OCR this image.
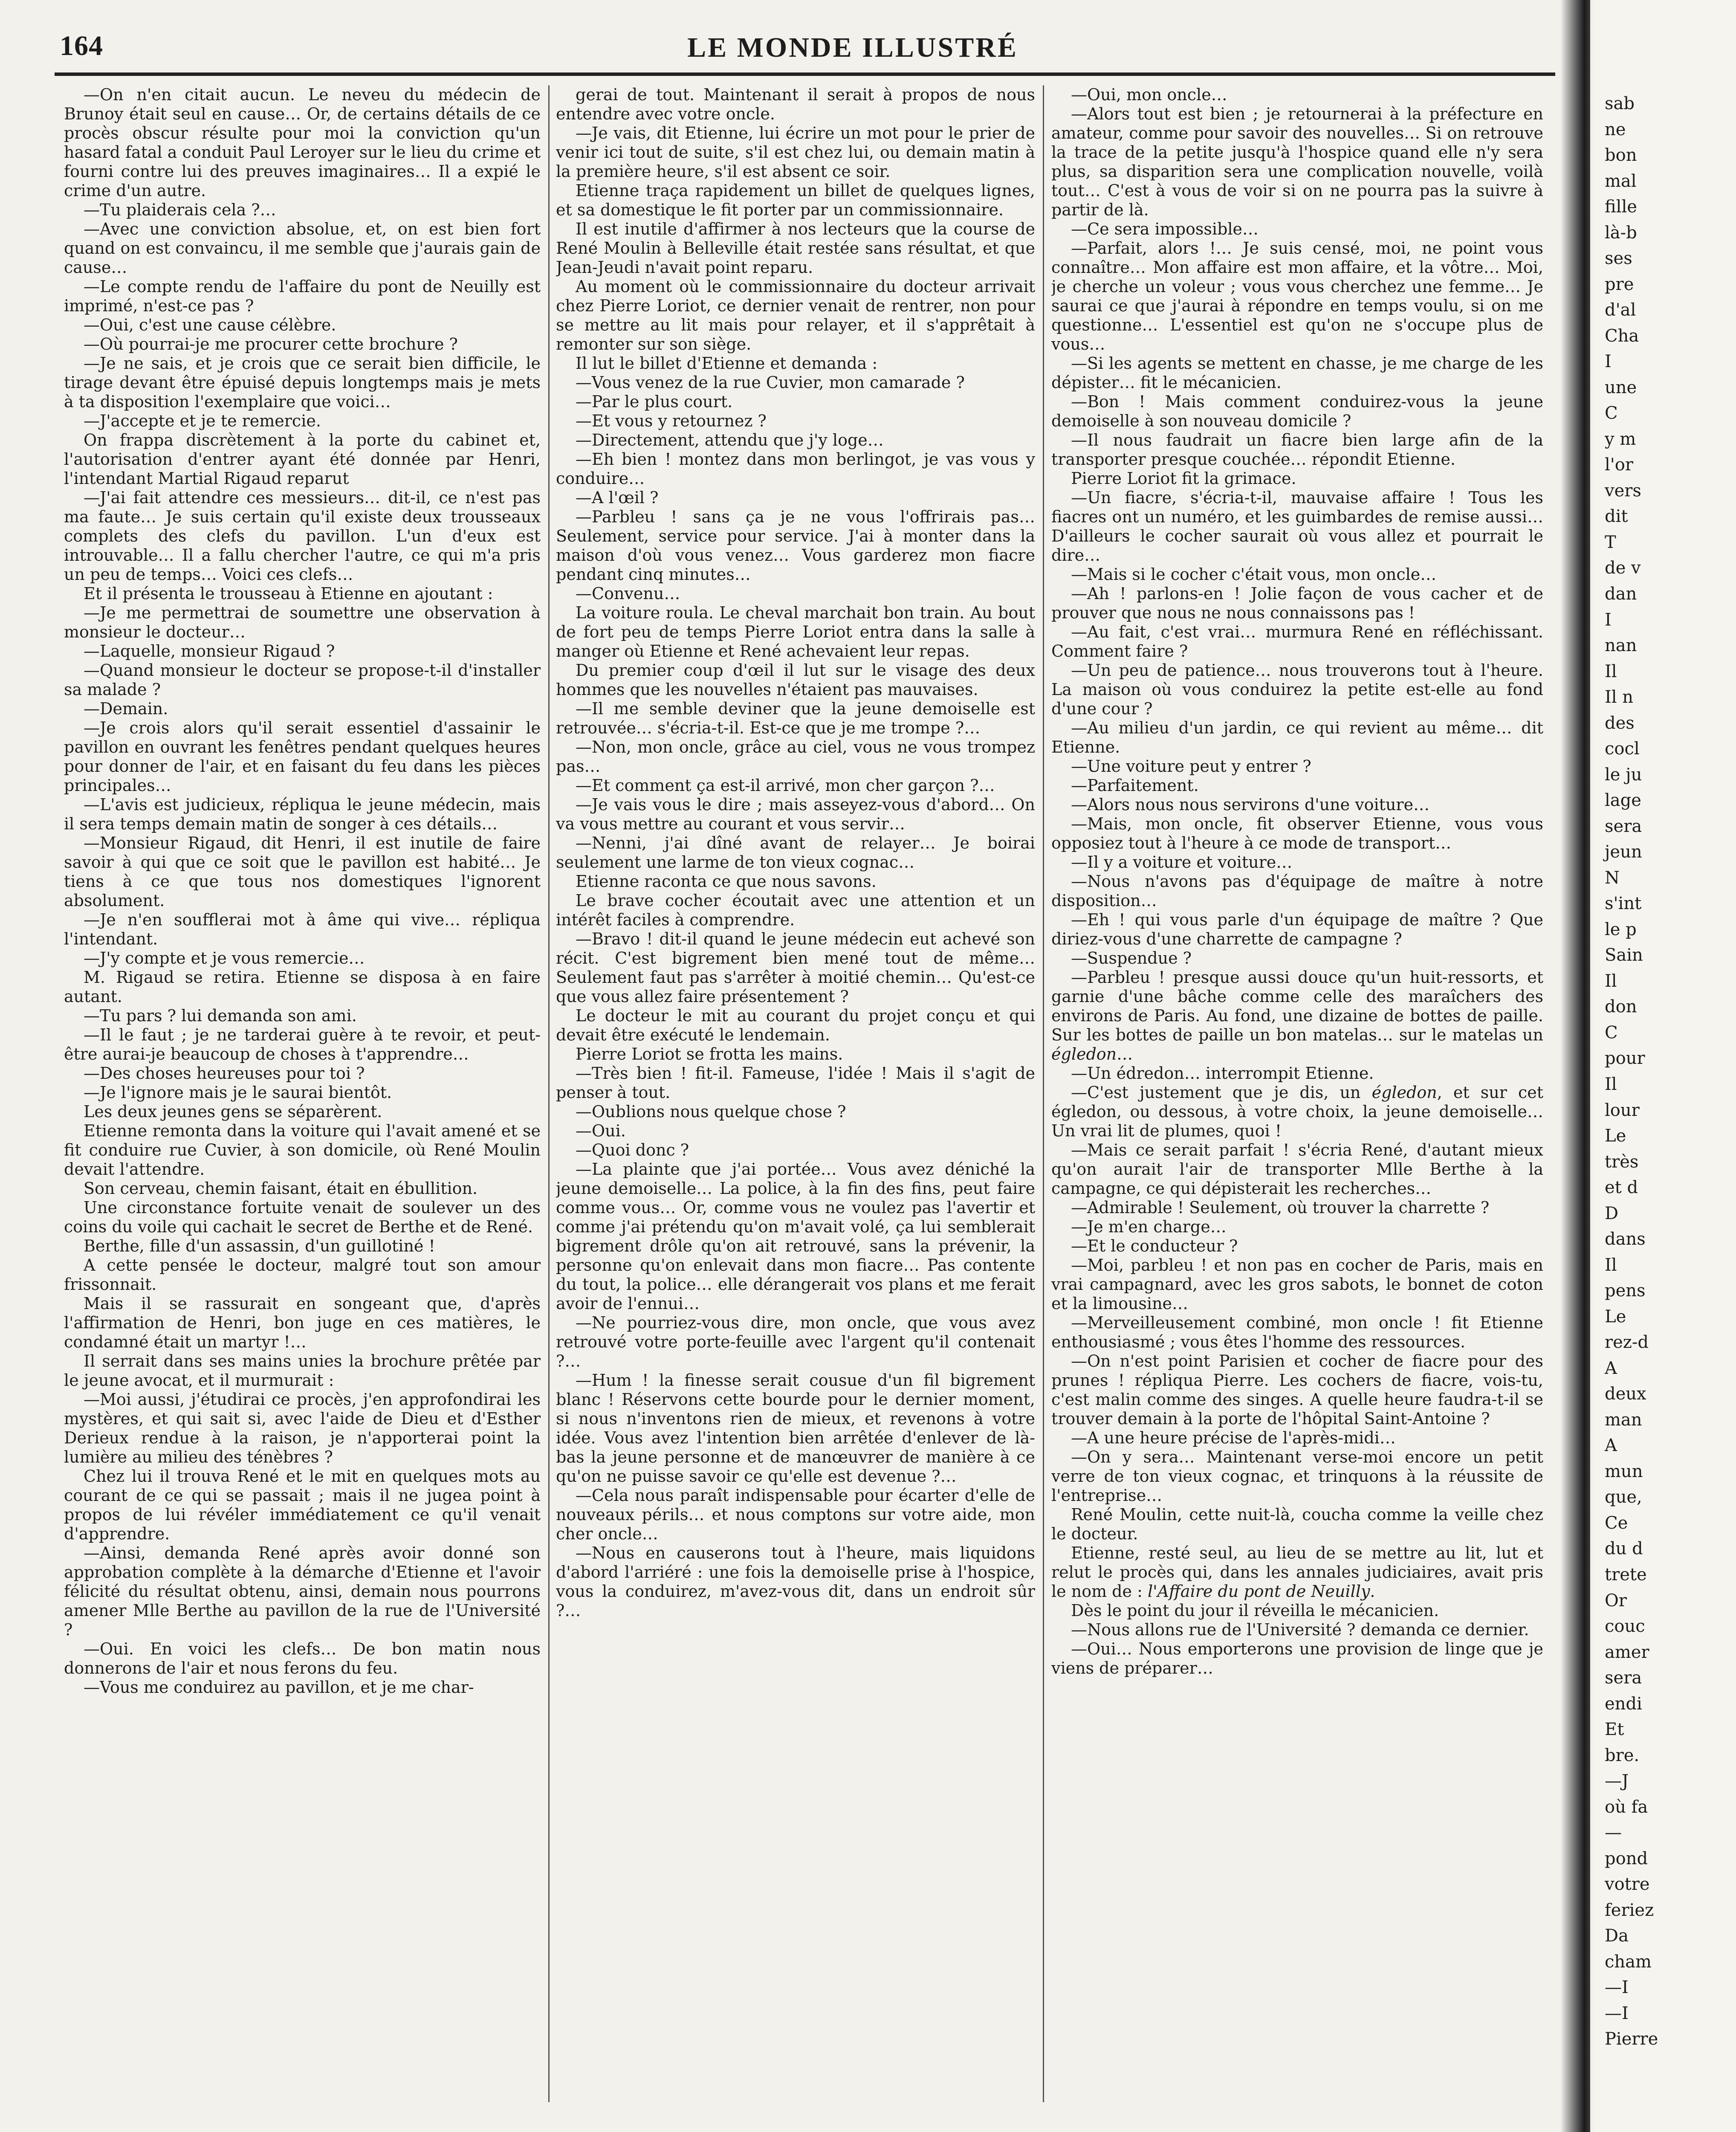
164	LE MONDE ILLUSTRÉ

—On n'en citait aucun. Le neveu du médecin de Brunoy était seul en cause… Or, de certains détails de ce procès obscur résulte pour moi la conviction qu'un hasard fatal a conduit Paul Leroyer sur le lieu du crime et fourni contre lui des preuves imaginaires… Il a expié le crime d'un autre.

—Tu plaiderais cela ?…

—Avec une conviction absolue, et, on est bien fort quand on est convaincu, il me semble que j'aurais gain de cause…

—Le compte rendu de l'affaire du pont de Neuilly est imprimé, n'est-ce pas ?

—Oui, c'est une cause célèbre.

—Où pourrai-je me procurer cette brochure ?

—Je ne sais, et je crois que ce serait bien difficile, le tirage devant être épuisé depuis longtemps mais je mets à ta disposition l'exemplaire que voici…

—J'accepte et je te remercie.

On frappa discrètement à la porte du cabinet et, l'autorisation d'entrer ayant été donnée par Henri, l'intendant Martial Rigaud reparut

—J'ai fait attendre ces messieurs… dit-il, ce n'est pas ma faute… Je suis certain qu'il existe deux trousseaux complets des clefs du pavillon. L'un d'eux est introuvable… Il a fallu chercher l'autre, ce qui m'a pris un peu de temps… Voici ces clefs…

Et il présenta le trousseau à Etienne en ajoutant :

—Je me permettrai de soumettre une observation à monsieur le docteur…

—Laquelle, monsieur Rigaud ?

—Quand monsieur le docteur se propose-t-il d'installer sa malade ?

—Demain.

—Je crois alors qu'il serait essentiel d'assainir le pavillon en ouvrant les fenêtres pendant quelques heures pour donner de l'air, et en faisant du feu dans les pièces principales…

—L'avis est judicieux, répliqua le jeune médecin, mais il sera temps demain matin de songer à ces détails…

—Monsieur Rigaud, dit Henri, il est inutile de faire savoir à qui que ce soit que le pavillon est habité… Je tiens à ce que tous nos domestiques l'ignorent absolument.

—Je n'en soufflerai mot à âme qui vive… répliqua l'intendant.

—J'y compte et je vous remercie…

M. Rigaud se retira. Etienne se disposa à en faire autant.

—Tu pars ? lui demanda son ami.

—Il le faut ; je ne tarderai guère à te revoir, et peut-être aurai-je beaucoup de choses à t'apprendre…

—Des choses heureuses pour toi ?

—Je l'ignore mais je le saurai bientôt.

Les deux jeunes gens se séparèrent.

Etienne remonta dans la voiture qui l'avait amené et se fit conduire rue Cuvier, à son domicile, où René Moulin devait l'attendre.

Son cerveau, chemin faisant, était en ébullition.

Une circonstance fortuite venait de soulever un des coins du voile qui cachait le secret de Berthe et de René.

Berthe, fille d'un assassin, d'un guillotiné !

A cette pensée le docteur, malgré tout son amour frissonnait.

Mais il se rassurait en songeant que, d'après l'affirmation de Henri, bon juge en ces matières, le condamné était un martyr !…

Il serrait dans ses mains unies la brochure prêtée par le jeune avocat, et il murmurait :

—Moi aussi, j'étudirai ce procès, j'en approfondirai les mystères, et qui sait si, avec l'aide de Dieu et d'Esther Derieux rendue à la raison, je n'apporterai point la lumière au milieu des ténèbres ?

Chez lui il trouva René et le mit en quelques mots au courant de ce qui se passait ; mais il ne jugea point à propos de lui révéler immédiatement ce qu'il venait d'apprendre.

—Ainsi, demanda René après avoir donné son approbation complète à la démarche d'Etienne et l'avoir félicité du résultat obtenu, ainsi, demain nous pourrons amener Mlle Berthe au pavillon de la rue de l'Université ?

—Oui. En voici les clefs… De bon matin nous donnerons de l'air et nous ferons du feu.

—Vous me conduirez au pavillon, et je me char-

gerai de tout. Maintenant il serait à propos de nous entendre avec votre oncle.

—Je vais, dit Etienne, lui écrire un mot pour le prier de venir ici tout de suite, s'il est chez lui, ou demain matin à la première heure, s'il est absent ce soir.

Etienne traça rapidement un billet de quelques lignes, et sa domestique le fit porter par un commissionnaire.

Il est inutile d'affirmer à nos lecteurs que la course de René Moulin à Belleville était restée sans résultat, et que Jean-Jeudi n'avait point reparu.

Au moment où le commissionnaire du docteur arrivait chez Pierre Loriot, ce dernier venait de rentrer, non pour se mettre au lit mais pour relayer, et il s'apprêtait à remonter sur son siège.

Il lut le billet d'Etienne et demanda :

—Vous venez de la rue Cuvier, mon camarade ?

—Par le plus court.

—Et vous y retournez ?

—Directement, attendu que j'y loge…

—Eh bien ! montez dans mon berlingot, je vas vous y conduire…

—A l'œil ?

—Parbleu ! sans ça je ne vous l'offrirais pas… Seulement, service pour service. J'ai à monter dans la maison d'où vous venez… Vous garderez mon fiacre pendant cinq minutes…

—Convenu…

La voiture roula. Le cheval marchait bon train. Au bout de fort peu de temps Pierre Loriot entra dans la salle à manger où Etienne et René achevaient leur repas.

Du premier coup d'œil il lut sur le visage des deux hommes que les nouvelles n'étaient pas mauvaises.

—Il me semble deviner que la jeune demoiselle est retrouvée… s'écria-t-il. Est-ce que je me trompe ?…

—Non, mon oncle, grâce au ciel, vous ne vous trompez pas…

—Et comment ça est-il arrivé, mon cher garçon ?…

—Je vais vous le dire ; mais asseyez-vous d'abord… On va vous mettre au courant et vous servir…

—Nenni, j'ai dîné avant de relayer… Je boirai seulement une larme de ton vieux cognac…

Etienne raconta ce que nous savons.

Le brave cocher écoutait avec une attention et un intérêt faciles à comprendre.

—Bravo ! dit-il quand le jeune médecin eut achevé son récit. C'est bigrement bien mené tout de même… Seulement faut pas s'arrêter à moitié chemin… Qu'est-ce que vous allez faire présentement ?

Le docteur le mit au courant du projet conçu et qui devait être exécuté le lendemain.

Pierre Loriot se frotta les mains.

—Très bien ! fit-il. Fameuse, l'idée ! Mais il s'agit de penser à tout.

—Oublions nous quelque chose ?

—Oui.

—Quoi donc ?

—La plainte que j'ai portée… Vous avez déniché la jeune demoiselle… La police, à la fin des fins, peut faire comme vous… Or, comme vous ne voulez pas l'avertir et comme j'ai prétendu qu'on m'avait volé, ça lui semblerait bigrement drôle qu'on ait retrouvé, sans la prévenir, la personne qu'on enlevait dans mon fiacre… Pas contente du tout, la police… elle dérangerait vos plans et me ferait avoir de l'ennui…

—Ne pourriez-vous dire, mon oncle, que vous avez retrouvé votre porte-feuille avec l'argent qu'il contenait ?…

—Hum ! la finesse serait cousue d'un fil bigrement blanc ! Réservons cette bourde pour le dernier moment, si nous n'inventons rien de mieux, et revenons à votre idée. Vous avez l'intention bien arrêtée d'enlever de là-bas la jeune personne et de manœuvrer de manière à ce qu'on ne puisse savoir ce qu'elle est devenue ?…

—Cela nous paraît indispensable pour écarter d'elle de nouveaux périls… et nous comptons sur votre aide, mon cher oncle…

—Nous en causerons tout à l'heure, mais liquidons d'abord l'arriéré : une fois la demoiselle prise à l'hospice, vous la conduirez, m'avez-vous dit, dans un endroit sûr ?…

—Oui, mon oncle…

—Alors tout est bien ; je retournerai à la préfecture en amateur, comme pour savoir des nouvelles… Si on retrouve la trace de la petite jusqu'à l'hospice quand elle n'y sera plus, sa disparition sera une complication nouvelle, voilà tout… C'est à vous de voir si on ne pourra pas la suivre à partir de là.

—Ce sera impossible…

—Parfait, alors !… Je suis censé, moi, ne point vous connaître… Mon affaire est mon affaire, et la vôtre… Moi, je cherche un voleur ; vous vous cherchez une femme… Je saurai ce que j'aurai à répondre en temps voulu, si on me questionne… L'essentiel est qu'on ne s'occupe plus de vous…

—Si les agents se mettent en chasse, je me charge de les dépister… fit le mécanicien.

—Bon ! Mais comment conduirez-vous la jeune demoiselle à son nouveau domicile ?

—Il nous faudrait un fiacre bien large afin de la transporter presque couchée… répondit Etienne.

Pierre Loriot fit la grimace.

—Un fiacre, s'écria-t-il, mauvaise affaire ! Tous les fiacres ont un numéro, et les guimbardes de remise aussi… D'ailleurs le cocher saurait où vous allez et pourrait le dire…

—Mais si le cocher c'était vous, mon oncle…

—Ah ! parlons-en ! Jolie façon de vous cacher et de prouver que nous ne nous connaissons pas !

—Au fait, c'est vrai… murmura René en réfléchissant. Comment faire ?

—Un peu de patience… nous trouverons tout à l'heure. La maison où vous conduirez la petite est-elle au fond d'une cour ?

—Au milieu d'un jardin, ce qui revient au même… dit Etienne.

—Une voiture peut y entrer ?

—Parfaitement.

—Alors nous nous servirons d'une voiture…

—Mais, mon oncle, fit observer Etienne, vous vous opposiez tout à l'heure à ce mode de transport…

—Il y a voiture et voiture…

—Nous n'avons pas d'équipage de maître à notre disposition…

—Eh ! qui vous parle d'un équipage de maître ? Que diriez-vous d'une charrette de campagne ?

—Suspendue ?

—Parbleu ! presque aussi douce qu'un huit-ressorts, et garnie d'une bâche comme celle des maraîchers des environs de Paris. Au fond, une dizaine de bottes de paille. Sur les bottes de paille un bon matelas… sur le matelas un égledon…

—Un édredon… interrompit Etienne.

—C'est justement que je dis, un égledon, et sur cet égledon, ou dessous, à votre choix, la jeune demoiselle… Un vrai lit de plumes, quoi !

—Mais ce serait parfait ! s'écria René, d'autant mieux qu'on aurait l'air de transporter Mlle Berthe à la campagne, ce qui dépisterait les recherches…

—Admirable ! Seulement, où trouver la charrette ?

—Je m'en charge…

—Et le conducteur ?

—Moi, parbleu ! et non pas en cocher de Paris, mais en vrai campagnard, avec les gros sabots, le bonnet de coton et la limousine…

—Merveilleusement combiné, mon oncle ! fit Etienne enthousiasmé ; vous êtes l'homme des ressources.

—On n'est point Parisien et cocher de fiacre pour des prunes ! répliqua Pierre. Les cochers de fiacre, vois-tu, c'est malin comme des singes. A quelle heure faudra-t-il se trouver demain à la porte de l'hôpital Saint-Antoine ?

—A une heure précise de l'après-midi…

—On y sera… Maintenant verse-moi encore un petit verre de ton vieux cognac, et trinquons à la réussite de l'entreprise…

René Moulin, cette nuit-là, coucha comme la veille chez le docteur.

Etienne, resté seul, au lieu de se mettre au lit, lut et relut le procès qui, dans les annales judiciaires, avait pris le nom de : l'Affaire du pont de Neuilly.

Dès le point du jour il réveilla le mécanicien.

—Nous allons rue de l'Université ? demanda ce dernier.

—Oui… Nous emporterons une provision de linge que je viens de préparer…

sab
ne
bon
mal
fille
là-b
ses
pre
d'al
Cha
I
une
C
y m
l'or
vers
dit
T
de v
dan
I
nan
Il
Il n
des
cocl
le ju
lage
sera
jeun
N
s'int
le p
Sain
Il
don
C
pour
Il
lour
Le
très
et d
D
dans
Il
pens
Le
rez-d
A
deux
man
A
mun
que,
Ce
du d
trete
Or
couc
amer
sera
endi
Et
bre.
—J
où fa
—
pond
votre
feriez
Da
cham
—I
—I
Pierre
